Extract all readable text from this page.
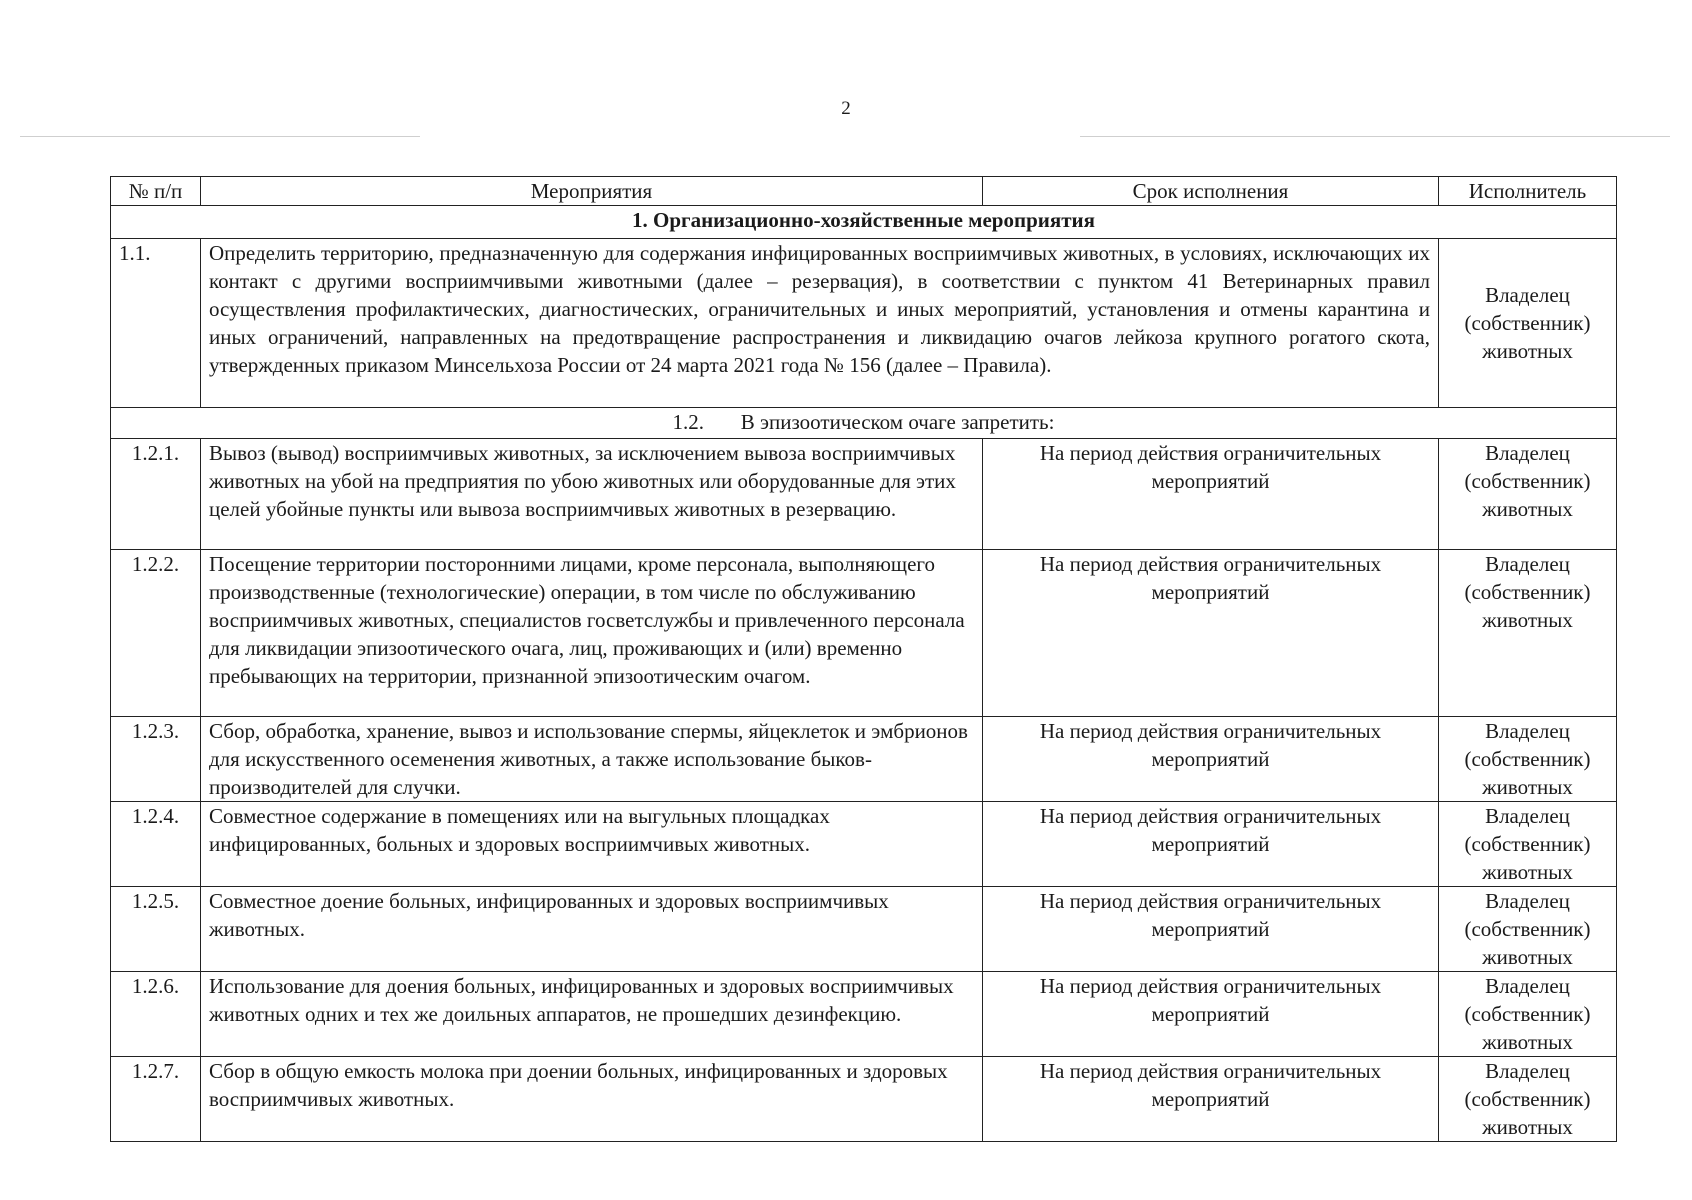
2
№ п/п	Мероприятия	Срок исполнения	Исполнитель
1. Организационно-хозяйственные мероприятия			
1.1.	Определить территорию, предназначенную для содержания инфицированных восприимчивых животных, в условиях, исключающих их контакт с другими восприимчивыми животными (далее – резервация), в соответствии с пунктом 41 Ветеринарных правил осуществления профилактических, диагностических, ограничительных и иных мероприятий, установления и отмены карантина и иных ограничений, направленных на предотвращение распространения и ликвидацию очагов лейкоза крупного рогатого скота, утвержденных приказом Минсельхоза России от 24 марта 2021 года № 156 (далее – Правила).		Владелец (собственник) животных
1.2. В эпизоотическом очаге запретить:			
1.2.1.	Вывоз (вывод) восприимчивых животных, за исключением вывоза восприимчивых животных на убой на предприятия по убою животных или оборудованные для этих целей убойные пункты или вывоза восприимчивых животных в резервацию.	На период действия ограничительных мероприятий	Владелец (собственник) животных
1.2.2.	Посещение территории посторонними лицами, кроме персонала, выполняющего производственные (технологические) операции, в том числе по обслуживанию восприимчивых животных, специалистов госветслужбы и привлеченного персонала для ликвидации эпизоотического очага, лиц, проживающих и (или) временно пребывающих на территории, признанной эпизоотическим очагом.	На период действия ограничительных мероприятий	Владелец (собственник) животных
1.2.3.	Сбор, обработка, хранение, вывоз и использование спермы, яйцеклеток и эмбрионов для искусственного осеменения животных, а также использование быков-производителей для случки.	На период действия ограничительных мероприятий	Владелец (собственник) животных
1.2.4.	Совместное содержание в помещениях или на выгульных площадках инфицированных, больных и здоровых восприимчивых животных.	На период действия ограничительных мероприятий	Владелец (собственник) животных
1.2.5.	Совместное доение больных, инфицированных и здоровых восприимчивых животных.	На период действия ограничительных мероприятий	Владелец (собственник) животных
1.2.6.	Использование для доения больных, инфицированных и здоровых восприимчивых животных одних и тех же доильных аппаратов, не прошедших дезинфекцию.	На период действия ограничительных мероприятий	Владелец (собственник) животных
1.2.7.	Сбор в общую емкость молока при доении больных, инфицированных и здоровых восприимчивых животных.	На период действия ограничительных мероприятий	Владелец (собственник) животных
